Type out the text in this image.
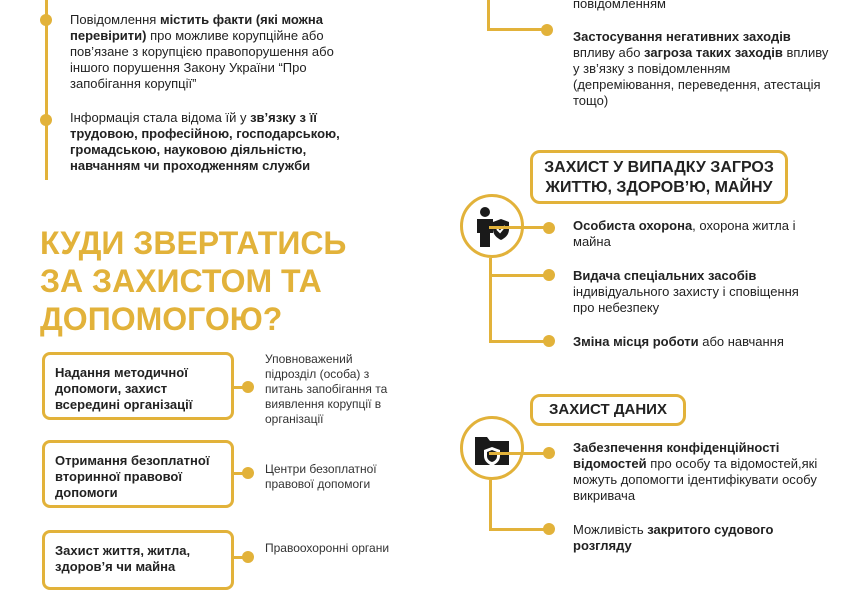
Повідомлення містить факти (які можна перевірити) про можливе корупційне або пов’язане з корупцією правопорушення або іншого порушення Закону України “Про запобігання корупції”
Інформація стала відома їй у зв’язку з її трудовою, професійною, господарською, громадською, науковою діяльністю, навчанням чи проходженням служби
КУДИ ЗВЕРТАТИСЬ
ЗА ЗАХИСТОМ ТА
ДОПОМОГОЮ?
Надання методичної допомоги, захист всередині організації
Уповноважений підрозділ (особа) з питань запобігання та виявлення корупції в організації
Отримання безоплатної вторинної правової допомоги
Центри безоплатної правової допомоги
Захист життя, житла, здоров’я чи майна
Правоохоронні органи
повідомленням
Застосування негативних заходів впливу або загроза таких заходів впливу у зв’язку з повідомленням (депреміювання, переведення, атестація тощо)
ЗАХИСТ У ВИПАДКУ ЗАГРОЗ
ЖИТТЮ, ЗДОРОВ’Ю, МАЙНУ
Особиста охорона, охорона житла і майна
Видача спеціальних засобів індивідуального захисту і сповіщення про небезпеку
Зміна місця роботи або навчання
ЗАХИСТ ДАНИХ
Забезпечення конфіденційності відомостей про особу та відомостей,які можуть допомогти ідентифікувати особу викривача
Можливість закритого судового розгляду
